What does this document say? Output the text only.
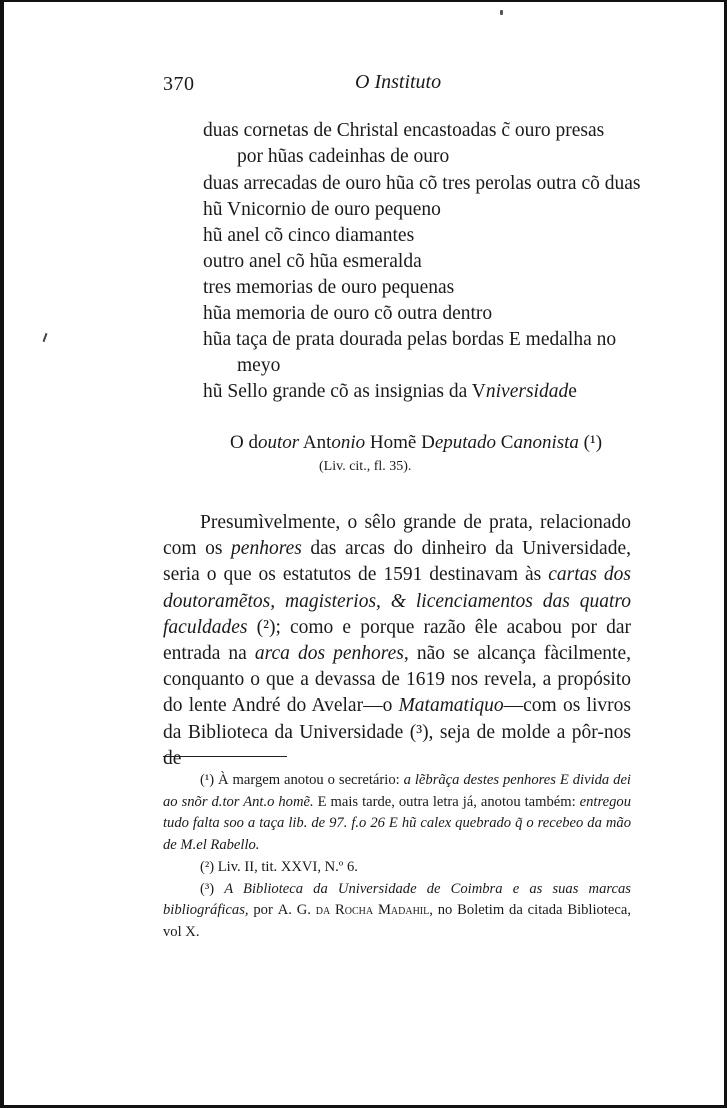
370	O Instituto
duas cornetas de Christal encastoadas c̃ ouro presas
por hũas cadeinhas de ouro
duas arrecadas de ouro hũa cõ tres perolas outra cõ duas
hũ Vnicornio de ouro pequeno
hũ anel cõ cinco diamantes
outro anel cõ hũa esmeralda
tres memorias de ouro pequenas
hũa memoria de ouro cõ outra dentro
hũa taça de prata dourada pelas bordas E medalha no
meyo
hũ Sello grande cõ as insignias da Vniversidade
O doutor Antonio Homẽ Deputado Canonista (¹)
(Liv. cit., fl. 35).

Presumìvelmente, o sêlo grande de prata, relacionado com os penhores das arcas do dinheiro da Universidade, seria o que os estatutos de 1591 destinavam às cartas dos doutoramẽtos, magisterios, & licenciamentos das quatro faculdades (²); como e porque razão êle acabou por dar entrada na arca dos penhores, não se alcança fàcilmente, conquanto o que a devassa de 1619 nos revela, a propósito do lente André do Avelar—o Matamatiquo—com os livros da Biblioteca da Universidade (³), seja de molde a pôr-nos de

(¹) À margem anotou o secretário: a lẽbrãça destes penhores E divida dei ao snõr d.tor Ant.o homẽ. E mais tarde, outra letra já, anotou também: entregou tudo falta soo a taça lib. de 97. f.o 26 E hũ calex quebrado q̃ o recebeo da mão de M.el Rabello.

(²) Liv. II, tit. XXVI, N.º 6.

(³) A Biblioteca da Universidade de Coimbra e as suas marcas bibliográficas, por A. G. da Rocha Madahil, no Boletim da citada Biblioteca, vol X.
